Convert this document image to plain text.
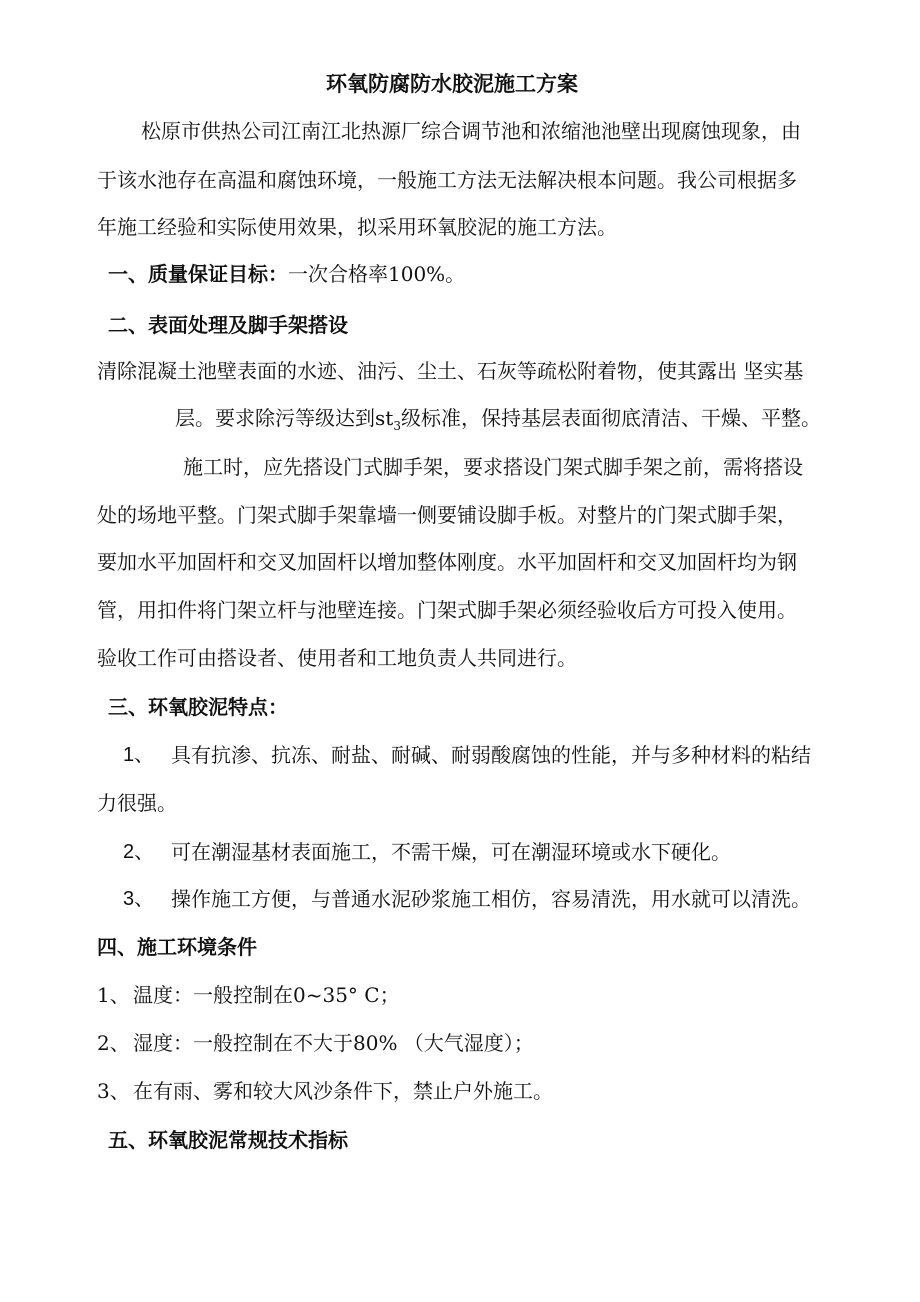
环氧防腐防水胶泥施工方案
松原市供热公司江南江北热源厂综合调节池和浓缩池池壁出现腐蚀现象，由
于该水池存在高温和腐蚀环境，一般施工方法无法解决根本问题。我公司根据多
年施工经验和实际使用效果，拟采用环氧胶泥的施工方法。
一、质量保证目标：一次合格率100%。
二、表面处理及脚手架搭设
清除混凝土池壁表面的水迹、油污、尘土、石灰等疏松附着物，使其露出 坚实基
层。要求除污等级达到$st_3$级标准，保持基层表面彻底清洁、干燥、平整。
施工时，应先搭设门式脚手架，要求搭设门架式脚手架之前，需将搭设
处的场地平整。门架式脚手架靠墙一侧要铺设脚手板。对整片的门架式脚手架，
要加水平加固杆和交叉加固杆以增加整体刚度。水平加固杆和交叉加固杆均为钢
管，用扣件将门架立杆与池壁连接。门架式脚手架必须经验收后方可投入使用。
验收工作可由搭设者、使用者和工地负责人共同进行。
三、环氧胶泥特点：
1、 具有抗渗、抗冻、耐盐、耐碱、耐弱酸腐蚀的性能，并与多种材料的粘结
力很强。
2、 可在潮湿基材表面施工，不需干燥，可在潮湿环境或水下硬化。
3、 操作施工方便，与普通水泥砂浆施工相仿，容易清洗，用水就可以清洗。
四、施工环境条件
1、 温度：一般控制在0~35° C；
2、 湿度：一般控制在不大于80% （大气湿度）；
3、 在有雨、雾和较大风沙条件下，禁止户外施工。
五、环氧胶泥常规技术指标
